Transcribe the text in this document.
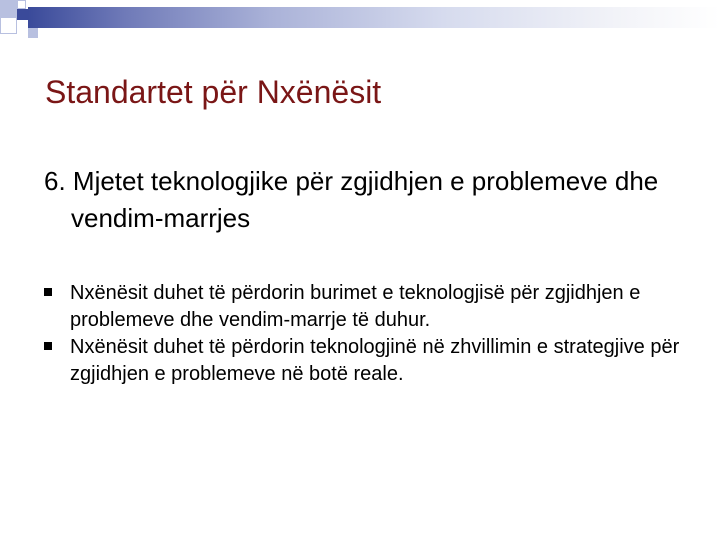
Standartet për Nxënësit

6. Mjetet teknologjike për zgjidhjen e problemeve dhe vendim-marrjes

Nxënësit duhet të përdorin burimet e teknologjisë për zgjidhjen e problemeve dhe vendim-marrje të duhur.
Nxënësit duhet të përdorin teknologjinë në zhvillimin e strategjive për zgjidhjen e problemeve në botë reale.
